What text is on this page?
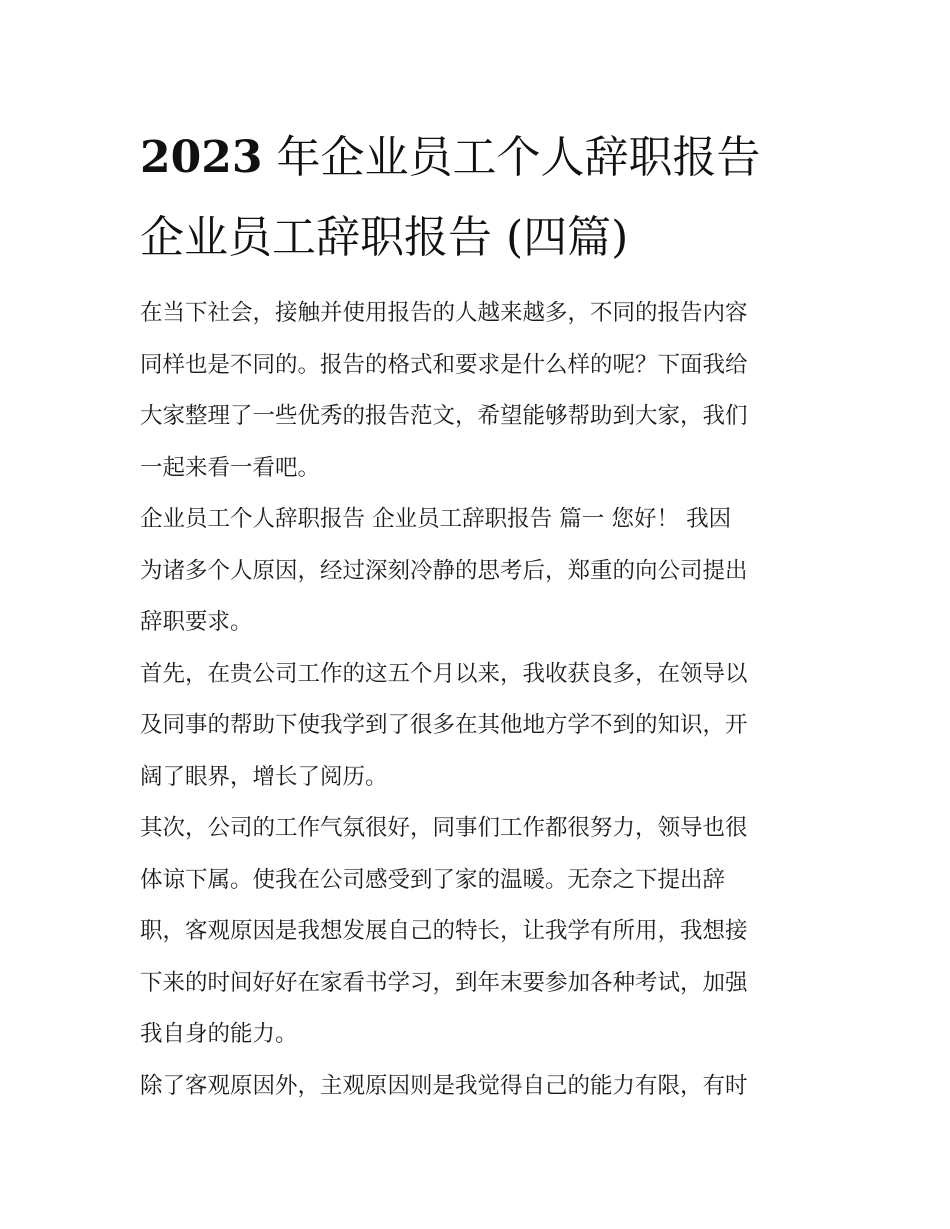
2023 年企业员工个人辞职报告
企业员工辞职报告 (四篇)

在当下社会，接触并使用报告的人越来越多，不同的报告内容
同样也是不同的。报告的格式和要求是什么样的呢？下面我给
大家整理了一些优秀的报告范文，希望能够帮助到大家，我们
一起来看一看吧。

企业员工个人辞职报告 企业员工辞职报告 篇一 您好！ 我因
为诸多个人原因，经过深刻冷静的思考后，郑重的向公司提出
辞职要求。

首先，在贵公司工作的这五个月以来，我收获良多，在领导以
及同事的帮助下使我学到了很多在其他地方学不到的知识，开
阔了眼界，增长了阅历。

其次，公司的工作气氛很好，同事们工作都很努力，领导也很
体谅下属。使我在公司感受到了家的温暖。无奈之下提出辞
职，客观原因是我想发展自己的特长，让我学有所用，我想接
下来的时间好好在家看书学习，到年末要参加各种考试，加强
我自身的能力。

除了客观原因外，主观原因则是我觉得自己的能力有限，有时
